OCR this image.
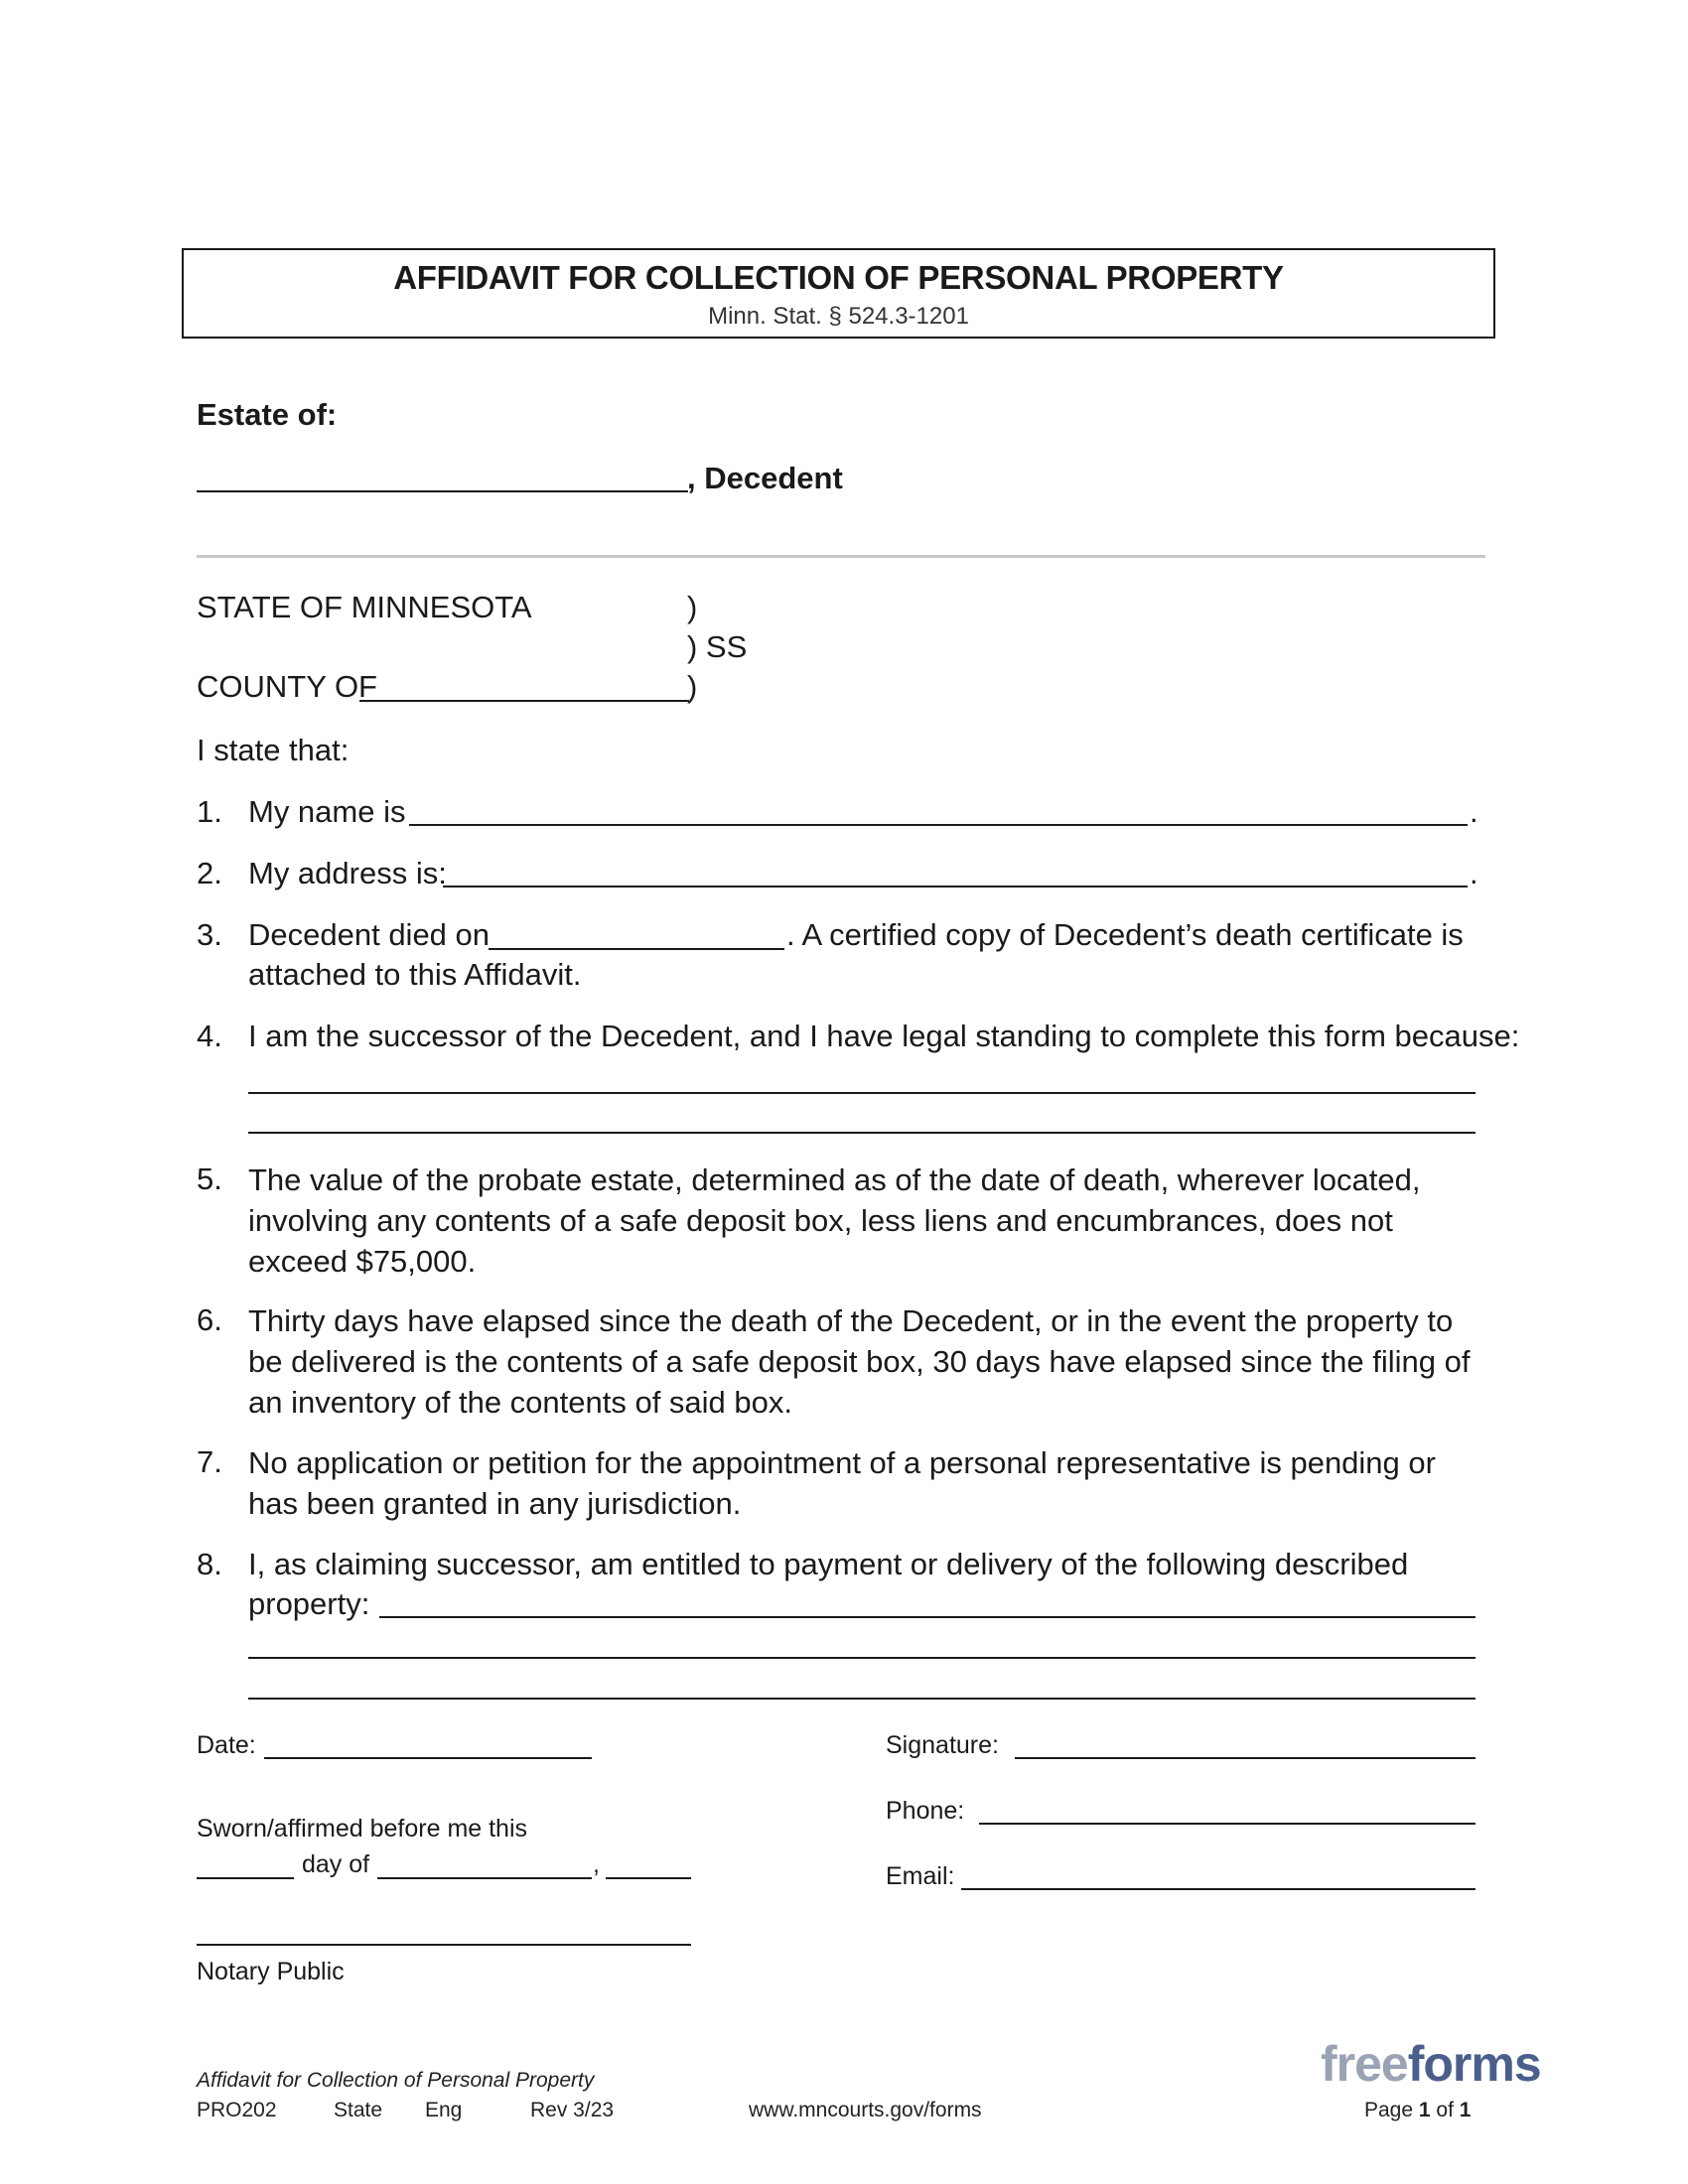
AFFIDAVIT FOR COLLECTION OF PERSONAL PROPERTY
Minn. Stat. § 524.3-1201
Estate of:
, Decedent
STATE OF MINNESOTA	)
) SS
COUNTY OF	)
I state that:
1. My name is	.
2. My address is:	.
3. Decedent died on	. A certified copy of Decedent’s death certificate is
attached to this Affidavit.
4. I am the successor of the Decedent, and I have legal standing to complete this form because:
5. The value of the probate estate, determined as of the date of death, wherever located, involving any contents of a safe deposit box, less liens and encumbrances, does not exceed $75,000.
6. Thirty days have elapsed since the death of the Decedent, or in the event the property to be delivered is the contents of a safe deposit box, 30 days have elapsed since the filing of an inventory of the contents of said box.
7. No application or petition for the appointment of a personal representative is pending or has been granted in any jurisdiction.
8. I, as claiming successor, am entitled to payment or delivery of the following described
property:
Date:
Sworn/affirmed before me this
day of	,
Notary Public
Signature:
Phone:
Email:
freeforms
Affidavit for Collection of Personal Property
PRO202	State Eng	Rev 3/23	www.mncourts.gov/forms	Page 1 of 1
